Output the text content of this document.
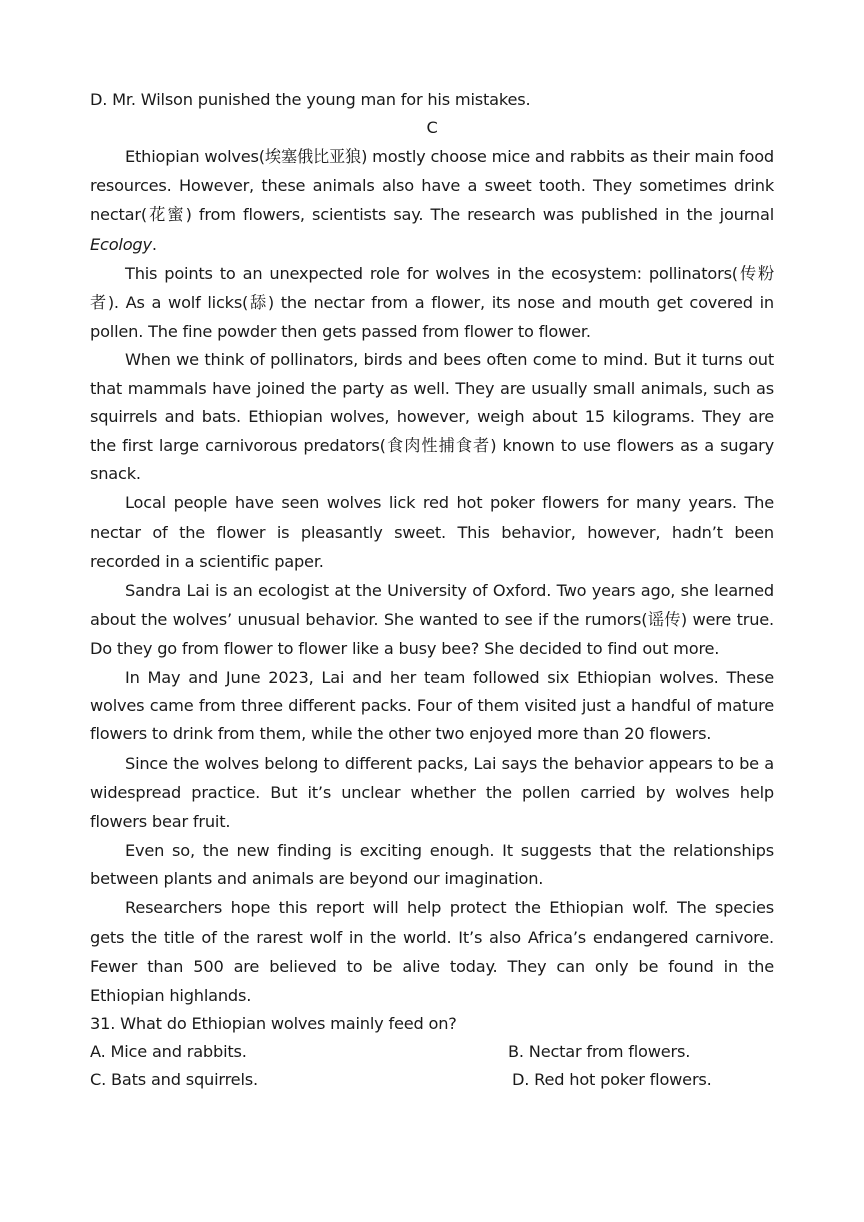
D. Mr. Wilson punished the young man for his mistakes.

C

Ethiopian wolves(埃塞俄比亚狼) mostly choose mice and rabbits as their main food resources. However, these animals also have a sweet tooth. They sometimes drink nectar(花蜜) from flowers, scientists say. The research was published in the journal Ecology.

This points to an unexpected role for wolves in the ecosystem: pollinators(传粉者). As a wolf licks(舔) the nectar from a flower, its nose and mouth get covered in pollen. The fine powder then gets passed from flower to flower.

When we think of pollinators, birds and bees often come to mind. But it turns out that mammals have joined the party as well. They are usually small animals, such as squirrels and bats. Ethiopian wolves, however, weigh about 15 kilograms. They are the first large carnivorous predators(食肉性捕食者) known to use flowers as a sugary snack.

Local people have seen wolves lick red hot poker flowers for many years. The nectar of the flower is pleasantly sweet. This behavior, however, hadn’t been recorded in a scientific paper.

Sandra Lai is an ecologist at the University of Oxford. Two years ago, she learned about the wolves’ unusual behavior. She wanted to see if the rumors(谣传) were true. Do they go from flower to flower like a busy bee? She decided to find out more.

In May and June 2023, Lai and her team followed six Ethiopian wolves. These wolves came from three different packs. Four of them visited just a handful of mature flowers to drink from them, while the other two enjoyed more than 20 flowers.

Since the wolves belong to different packs, Lai says the behavior appears to be a widespread practice. But it’s unclear whether the pollen carried by wolves help flowers bear fruit.

Even so, the new finding is exciting enough. It suggests that the relationships between plants and animals are beyond our imagination.

Researchers hope this report will help protect the Ethiopian wolf. The species gets the title of the rarest wolf in the world. It’s also Africa’s endangered carnivore. Fewer than 500 are believed to be alive today. They can only be found in the Ethiopian highlands.

31. What do Ethiopian wolves mainly feed on?

A. Mice and rabbits.	B. Nectar from flowers.
C. Bats and squirrels.	D. Red hot poker flowers.
